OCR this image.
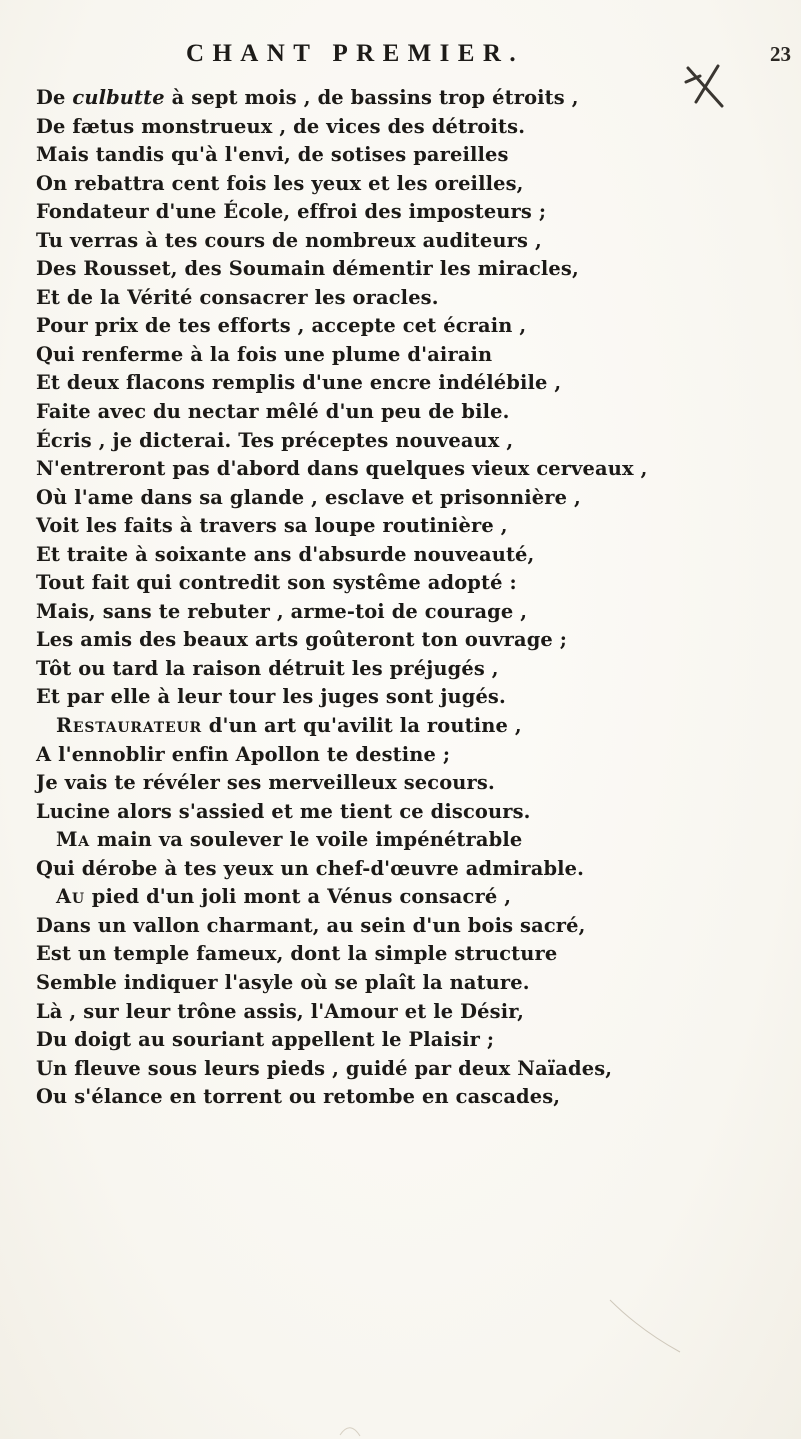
CHANT PREMIER.	23
De culbutte à sept mois , de bassins trop étroits ,
De fætus monstrueux , de vices des détroits.
Mais tandis qu'à l'envi, de sotises pareilles
On rebattra cent fois les yeux et les oreilles,
Fondateur d'une École, effroi des imposteurs ;
Tu verras à tes cours de nombreux auditeurs ,
Des Rousset, des Soumain démentir les miracles,
Et de la Vérité consacrer les oracles.
Pour prix de tes efforts , accepte cet écrain ,
Qui renferme à la fois une plume d'airain
Et deux flacons remplis d'une encre indélébile ,
Faite avec du nectar mêlé d'un peu de bile.
Écris , je dicterai. Tes préceptes nouveaux ,
N'entreront pas d'abord dans quelques vieux cerveaux ,
Où l'ame dans sa glande , esclave et prisonnière ,
Voit les faits à travers sa loupe routinière ,
Et traite à soixante ans d'absurde nouveauté,
Tout fait qui contredit son systême adopté :
Mais, sans te rebuter , arme-toi de courage ,
Les amis des beaux arts goûteront ton ouvrage ;
Tôt ou tard la raison détruit les préjugés ,
Et par elle à leur tour les juges sont jugés.
Restaurateur d'un art qu'avilit la routine ,
A l'ennoblir enfin Apollon te destine ;
Je vais te révéler ses merveilleux secours.
Lucine alors s'assied et me tient ce discours.
Ma main va soulever le voile impénétrable
Qui dérobe à tes yeux un chef-d'œuvre admirable.
Au pied d'un joli mont a Vénus consacré ,
Dans un vallon charmant, au sein d'un bois sacré,
Est un temple fameux, dont la simple structure
Semble indiquer l'asyle où se plaît la nature.
Là , sur leur trône assis, l'Amour et le Désir,
Du doigt au souriant appellent le Plaisir ;
Un fleuve sous leurs pieds , guidé par deux Naïades,
Ou s'élance en torrent ou retombe en cascades,
